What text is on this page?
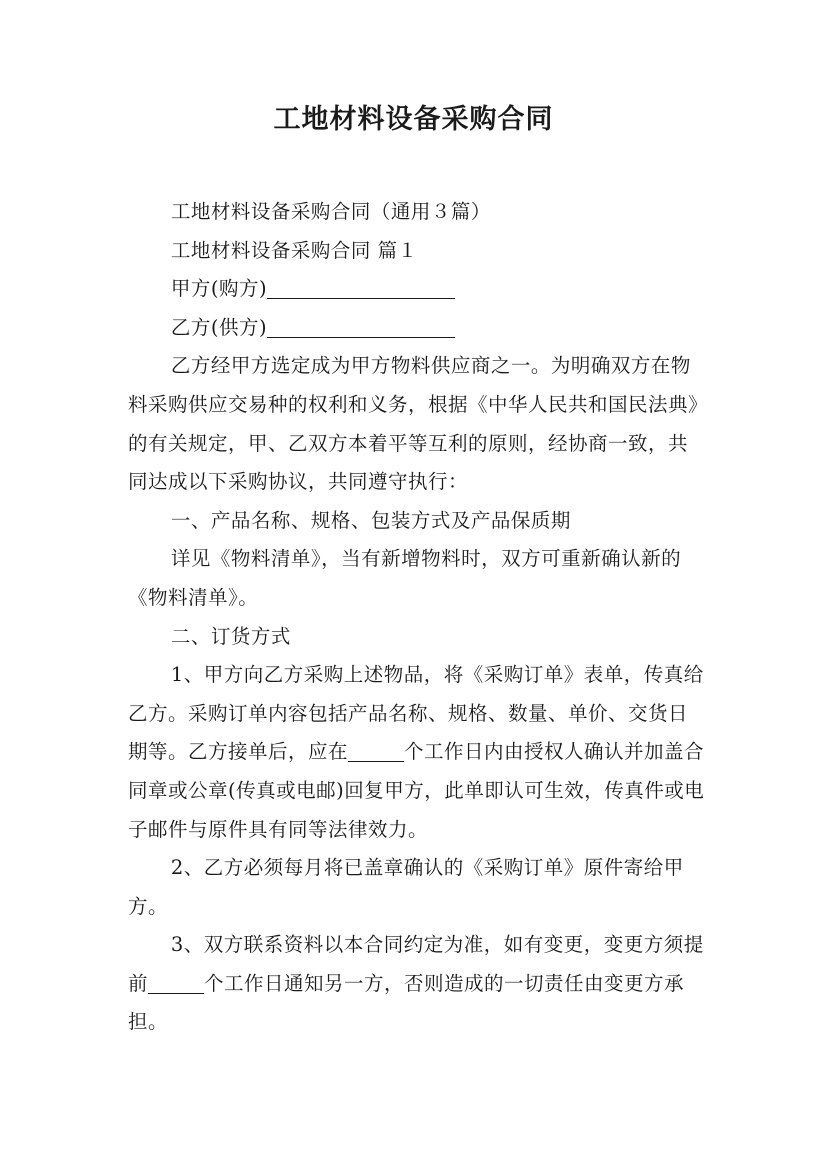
工地材料设备采购合同

工地材料设备采购合同（通用３篇）

工地材料设备采购合同 篇１

甲方(购方)

乙方(供方)

乙方经甲方选定成为甲方物料供应商之一。为明确双方在物料采购供应交易种的权利和义务，根据《中华人民共和国民法典》的有关规定，甲、乙双方本着平等互利的原则，经协商一致，共同达成以下采购协议，共同遵守执行：

一、产品名称、规格、包装方式及产品保质期

详见《物料清单》，当有新增物料时，双方可重新确认新的《物料清单》。

二、订货方式

1、甲方向乙方采购上述物品，将《采购订单》表单，传真给乙方。采购订单内容包括产品名称、规格、数量、单价、交货日期等。乙方接单后，应在	个工作日内由授权人确认并加盖合同章或公章(传真或电邮)回复甲方，此单即认可生效，传真件或电子邮件与原件具有同等法律效力。

2、乙方必须每月将已盖章确认的《采购订单》原件寄给甲方。

3、双方联系资料以本合同约定为准，如有变更，变更方须提前	个工作日通知另一方，否则造成的一切责任由变更方承担。
